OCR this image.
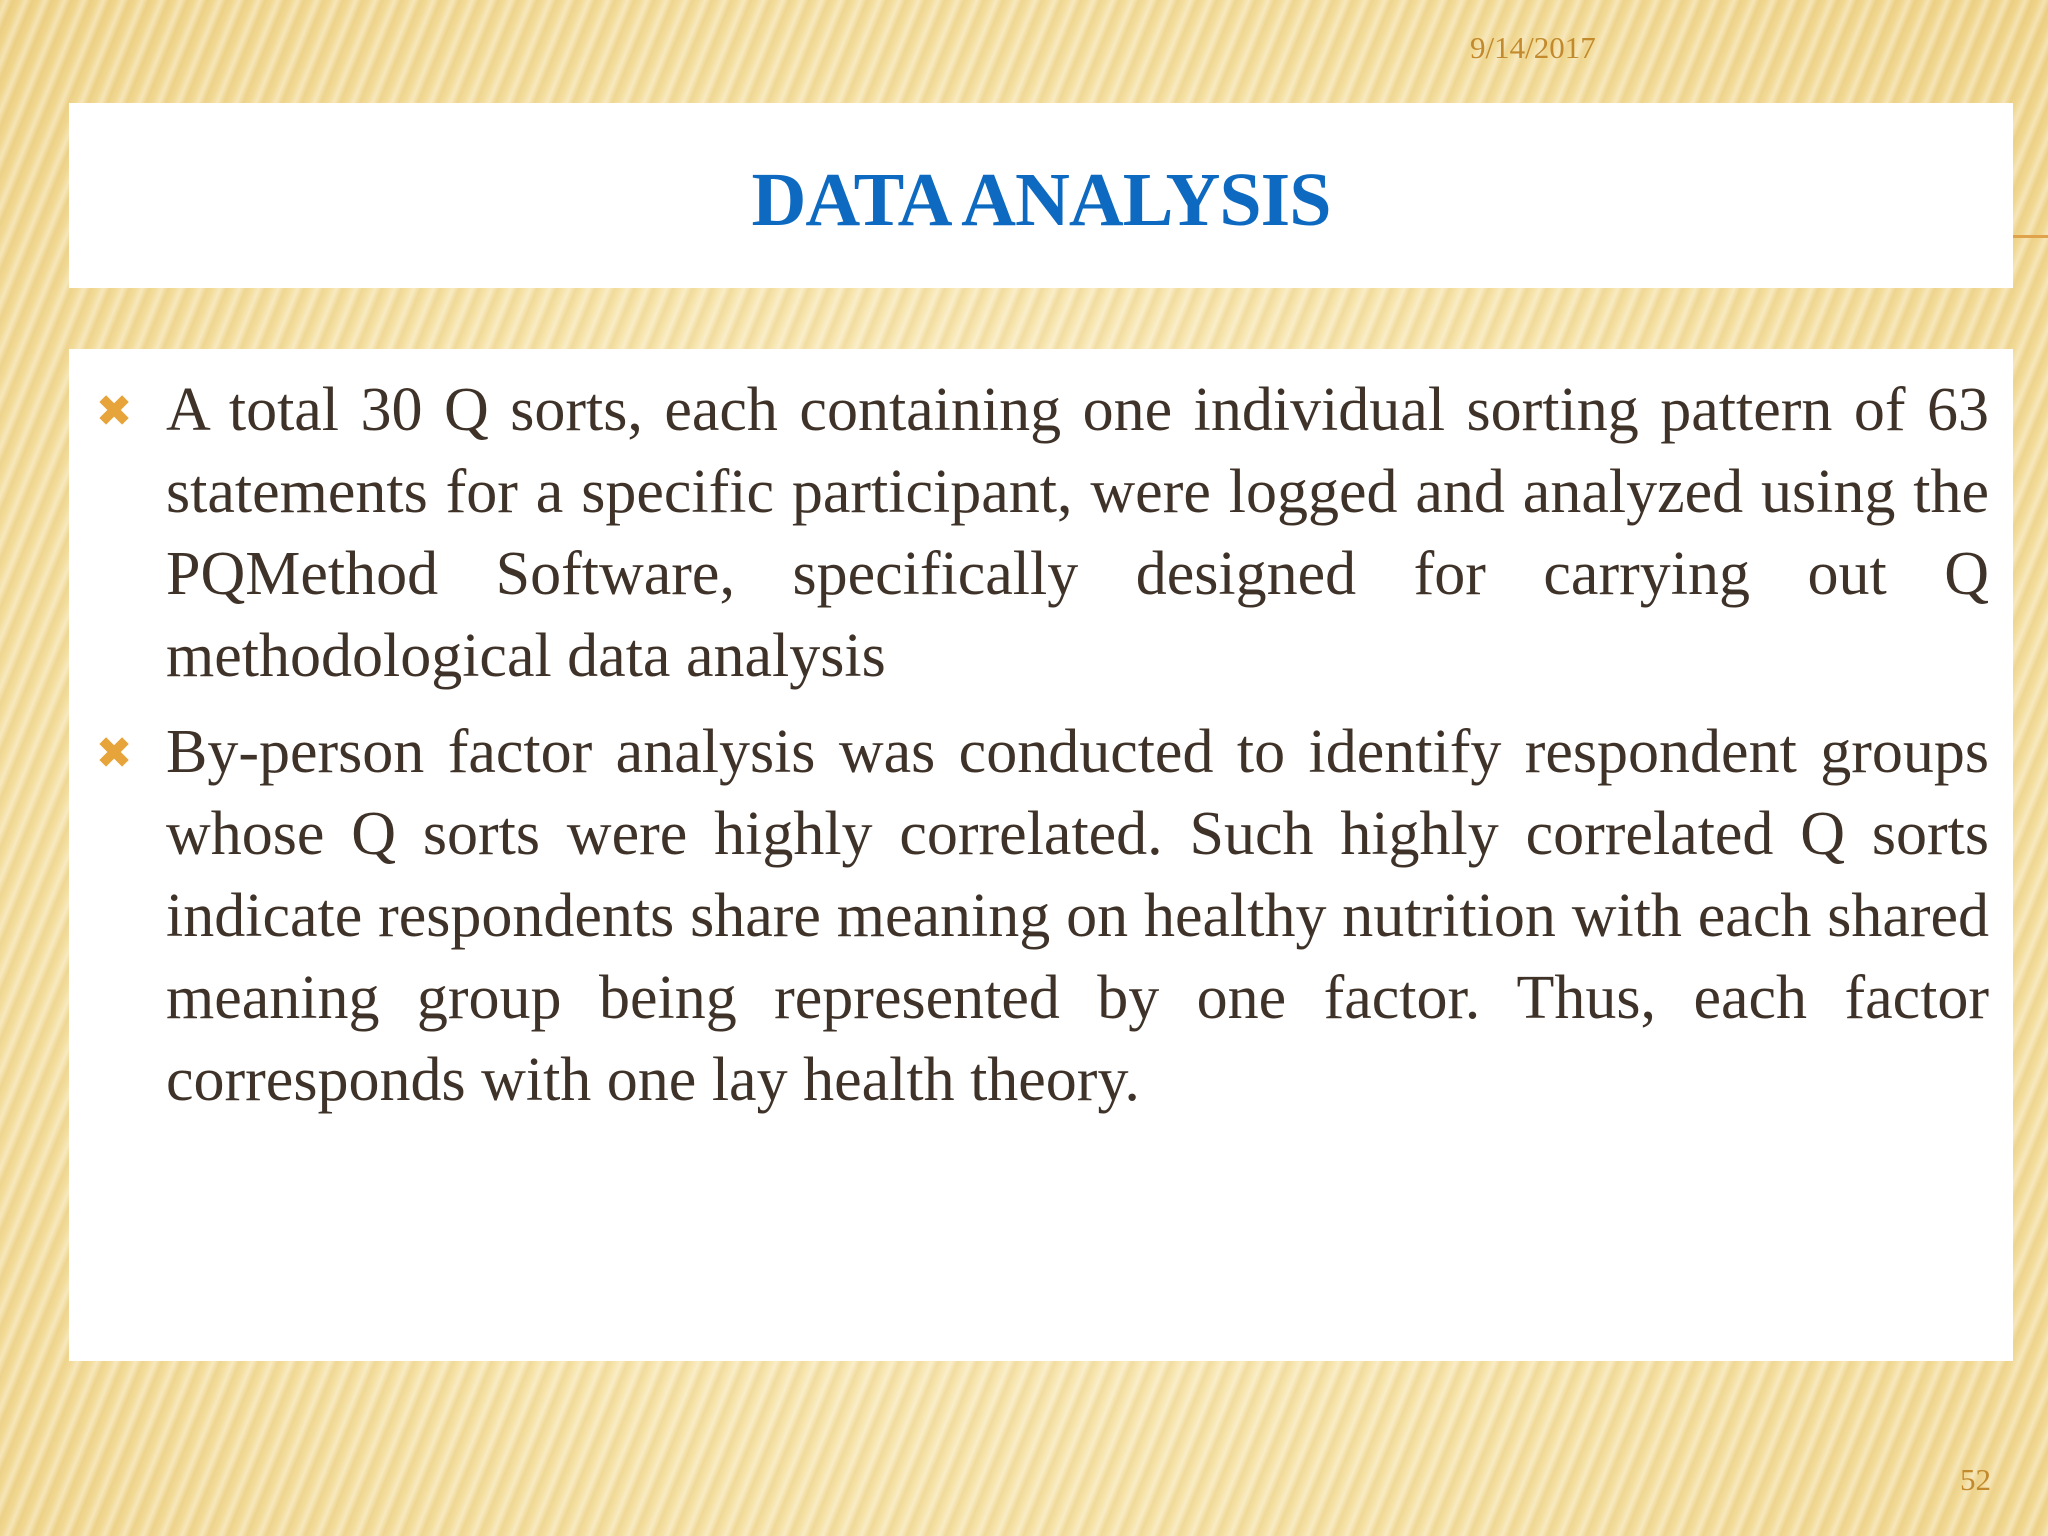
9/14/2017
DATA ANALYSIS
✖ A total 30 Q sorts, each containing one individual sorting pattern of 63 statements for a specific participant, were logged and analyzed using the PQMethod Software, specifically designed for carrying out Q methodological data analysis
✖ By-person factor analysis was conducted to identify respondent groups whose Q sorts were highly correlated. Such highly correlated Q sorts indicate respondents share meaning on healthy nutrition with each shared meaning group being represented by one factor. Thus, each factor corresponds with one lay health theory.
52
